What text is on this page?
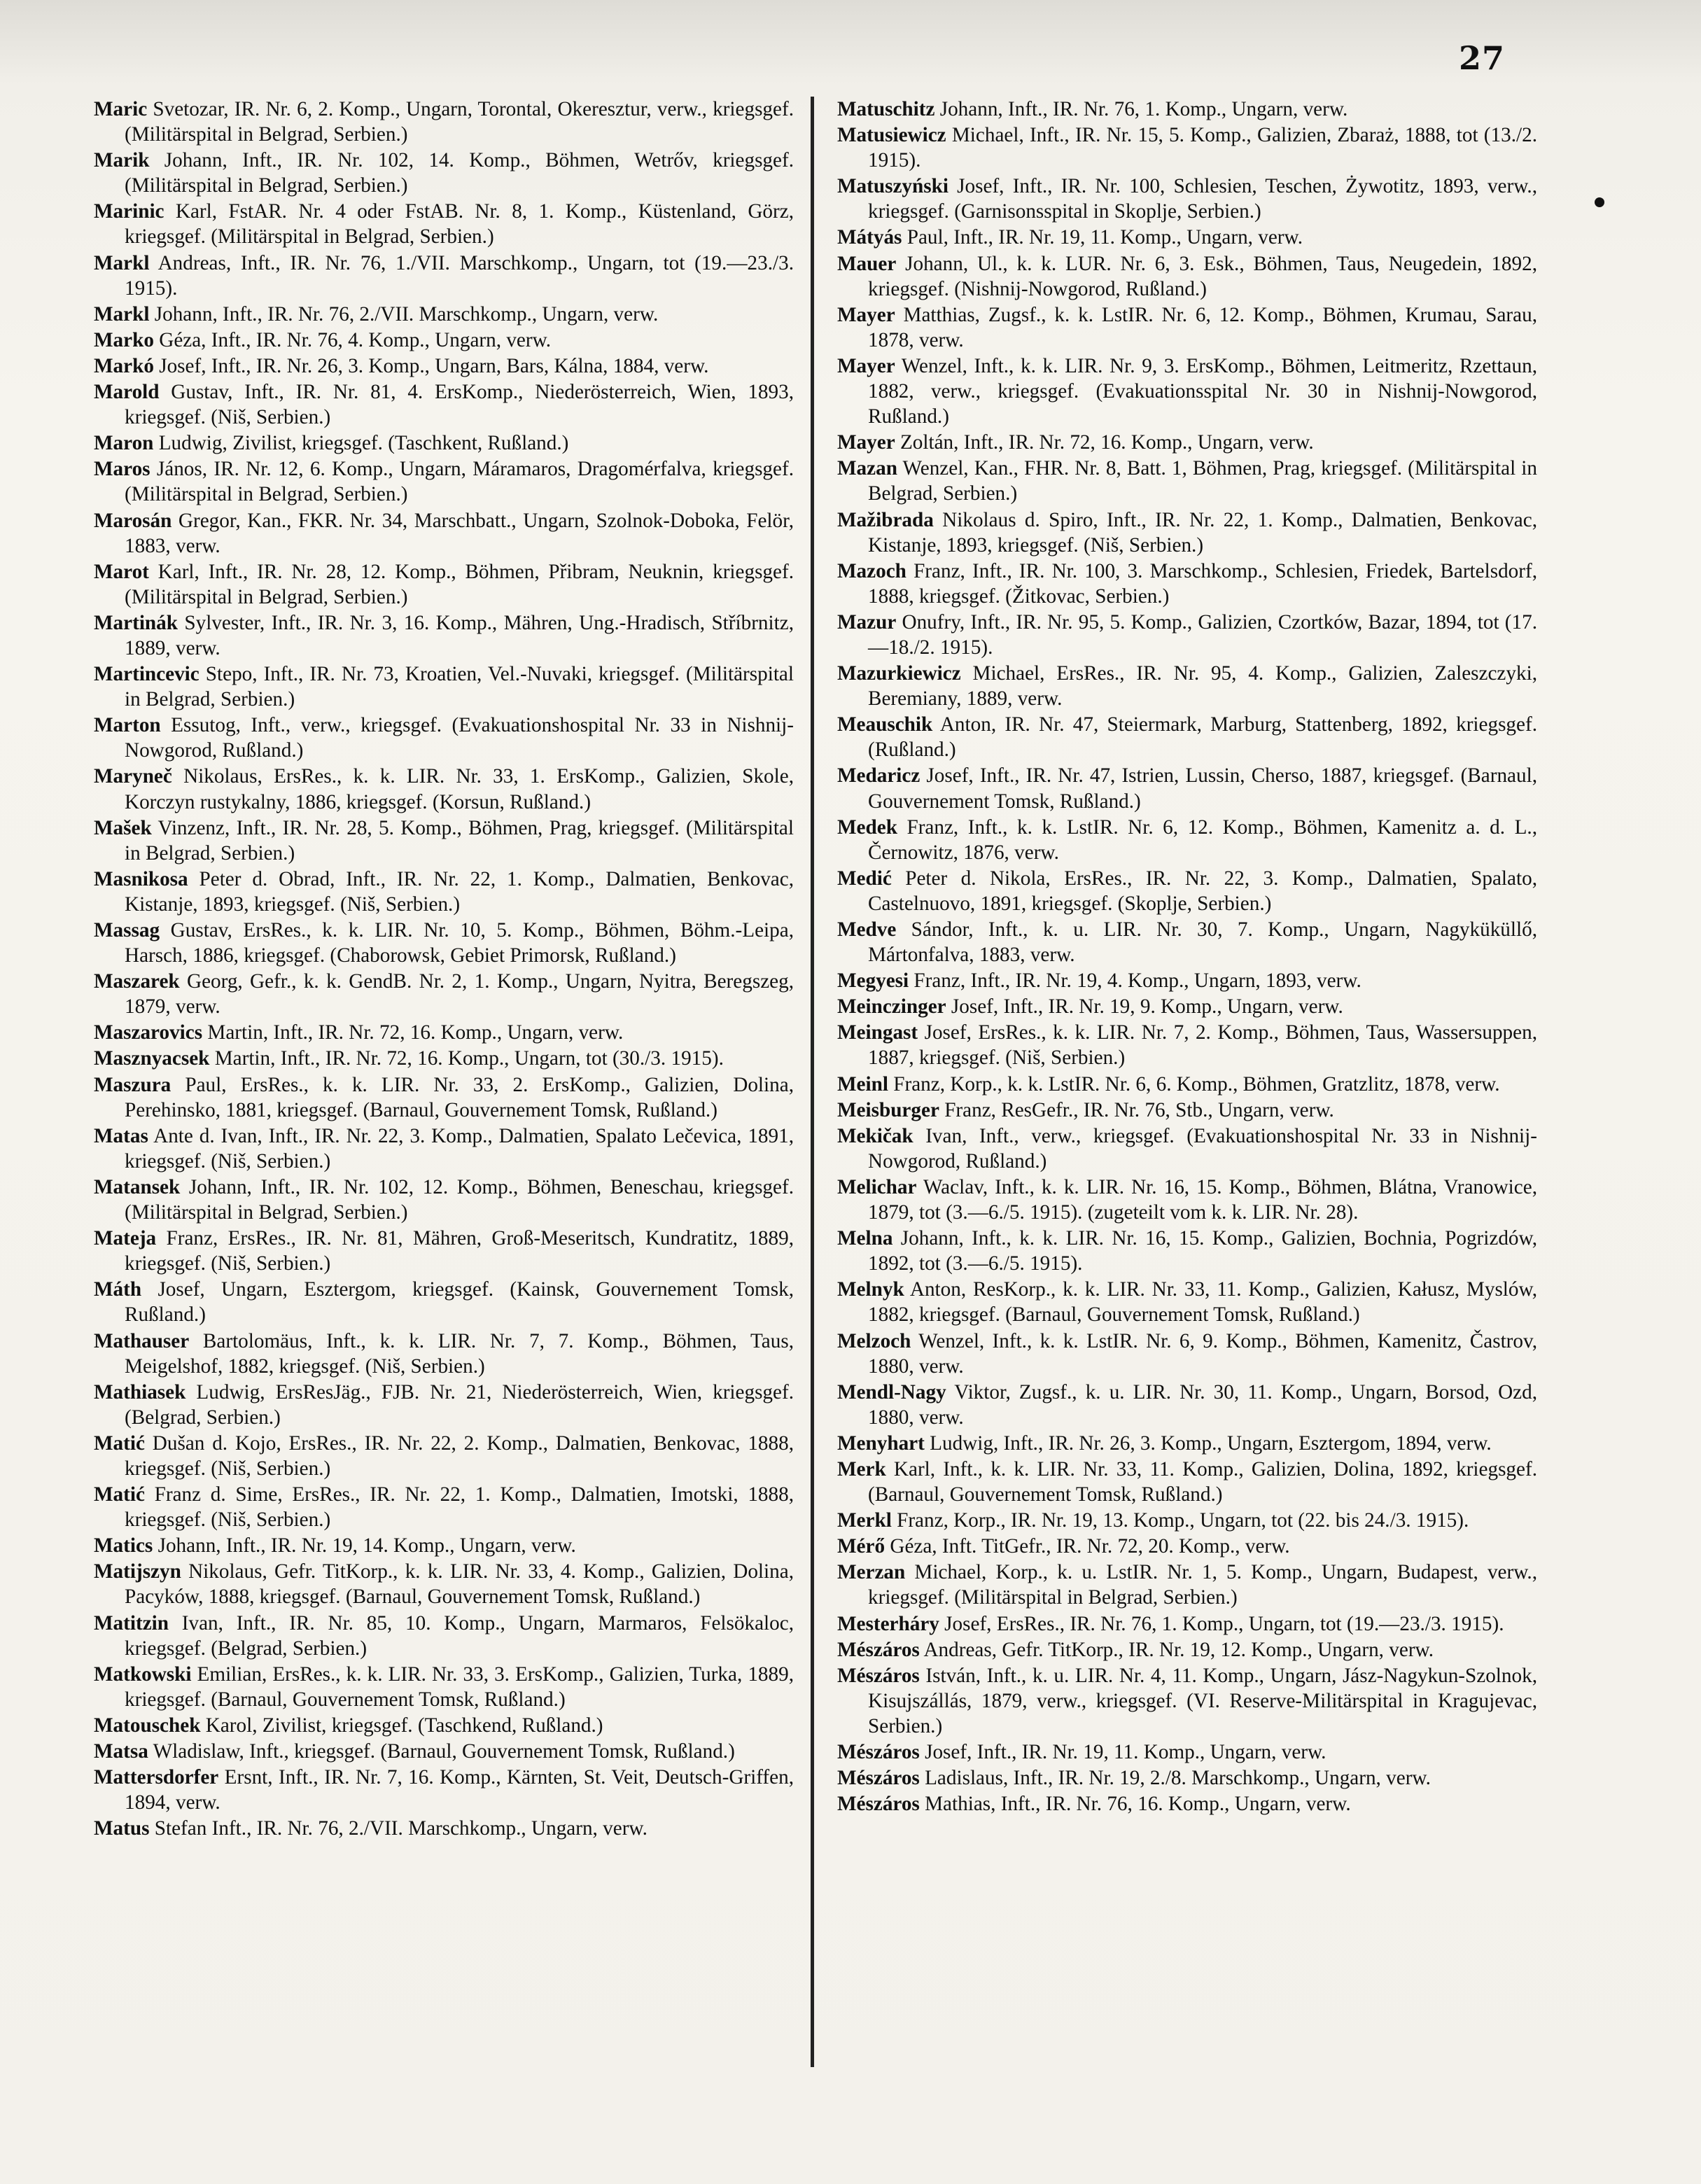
27
Maric Svetozar, IR. Nr. 6, 2. Komp., Ungarn, Torontal, Okeresztur, verw., kriegsgef. (Militärspital in Belgrad, Serbien.)
Marik Johann, Inft., IR. Nr. 102, 14. Komp., Böhmen, Wetrőv, kriegsgef. (Militärspital in Belgrad, Serbien.)
Marinic Karl, FstAR. Nr. 4 oder FstAB. Nr. 8, 1. Komp., Küstenland, Görz, kriegsgef. (Militärspital in Belgrad, Serbien.)
Markl Andreas, Inft., IR. Nr. 76, 1./VII. Marschkomp., Ungarn, tot (19.—23./3. 1915).
Markl Johann, Inft., IR. Nr. 76, 2./VII. Marschkomp., Ungarn, verw.
Marko Géza, Inft., IR. Nr. 76, 4. Komp., Ungarn, verw.
Markó Josef, Inft., IR. Nr. 26, 3. Komp., Ungarn, Bars, Kálna, 1884, verw.
Marold Gustav, Inft., IR. Nr. 81, 4. ErsKomp., Niederösterreich, Wien, 1893, kriegsgef. (Niš, Serbien.)
Maron Ludwig, Zivilist, kriegsgef. (Taschkent, Rußland.)
Maros János, IR. Nr. 12, 6. Komp., Ungarn, Máramaros, Dragomérfalva, kriegsgef. (Militärspital in Belgrad, Serbien.)
Marosán Gregor, Kan., FKR. Nr. 34, Marschbatt., Ungarn, Szolnok-Doboka, Felör, 1883, verw.
Marot Karl, Inft., IR. Nr. 28, 12. Komp., Böhmen, Přibram, Neuknin, kriegsgef. (Militärspital in Belgrad, Serbien.)
Martinák Sylvester, Inft., IR. Nr. 3, 16. Komp., Mähren, Ung.-Hradisch, Stříbrnitz, 1889, verw.
Martincevic Stepo, Inft., IR. Nr. 73, Kroatien, Vel.-Nuvaki, kriegsgef. (Militärspital in Belgrad, Serbien.)
Marton Essutog, Inft., verw., kriegsgef. (Evakuationshospital Nr. 33 in Nishnij-Nowgorod, Rußland.)
Maryneč Nikolaus, ErsRes., k. k. LIR. Nr. 33, 1. ErsKomp., Galizien, Skole, Korczyn rustykalny, 1886, kriegsgef. (Korsun, Rußland.)
Mašek Vinzenz, Inft., IR. Nr. 28, 5. Komp., Böhmen, Prag, kriegsgef. (Militärspital in Belgrad, Serbien.)
Masnikosa Peter d. Obrad, Inft., IR. Nr. 22, 1. Komp., Dalmatien, Benkovac, Kistanje, 1893, kriegsgef. (Niš, Serbien.)
Massag Gustav, ErsRes., k. k. LIR. Nr. 10, 5. Komp., Böhmen, Böhm.-Leipa, Harsch, 1886, kriegsgef. (Chaborowsk, Gebiet Primorsk, Rußland.)
Maszarek Georg, Gefr., k. k. GendB. Nr. 2, 1. Komp., Ungarn, Nyitra, Beregszeg, 1879, verw.
Maszarovics Martin, Inft., IR. Nr. 72, 16. Komp., Ungarn, verw.
Masznyacsek Martin, Inft., IR. Nr. 72, 16. Komp., Ungarn, tot (30./3. 1915).
Maszura Paul, ErsRes., k. k. LIR. Nr. 33, 2. ErsKomp., Galizien, Dolina, Perehinsko, 1881, kriegsgef. (Barnaul, Gouvernement Tomsk, Rußland.)
Matas Ante d. Ivan, Inft., IR. Nr. 22, 3. Komp., Dalmatien, Spalato Lečevica, 1891, kriegsgef. (Niš, Serbien.)
Matansek Johann, Inft., IR. Nr. 102, 12. Komp., Böhmen, Beneschau, kriegsgef. (Militärspital in Belgrad, Serbien.)
Mateja Franz, ErsRes., IR. Nr. 81, Mähren, Groß-Meseritsch, Kundratitz, 1889, kriegsgef. (Niš, Serbien.)
Máth Josef, Ungarn, Esztergom, kriegsgef. (Kainsk, Gouvernement Tomsk, Rußland.)
Mathauser Bartolomäus, Inft., k. k. LIR. Nr. 7, 7. Komp., Böhmen, Taus, Meigelshof, 1882, kriegsgef. (Niš, Serbien.)
Mathiasek Ludwig, ErsResJäg., FJB. Nr. 21, Niederösterreich, Wien, kriegsgef. (Belgrad, Serbien.)
Matić Dušan d. Kojo, ErsRes., IR. Nr. 22, 2. Komp., Dalmatien, Benkovac, 1888, kriegsgef. (Niš, Serbien.)
Matić Franz d. Sime, ErsRes., IR. Nr. 22, 1. Komp., Dalmatien, Imotski, 1888, kriegsgef. (Niš, Serbien.)
Matics Johann, Inft., IR. Nr. 19, 14. Komp., Ungarn, verw.
Matijszyn Nikolaus, Gefr. TitKorp., k. k. LIR. Nr. 33, 4. Komp., Galizien, Dolina, Pacyków, 1888, kriegsgef. (Barnaul, Gouvernement Tomsk, Rußland.)
Matitzin Ivan, Inft., IR. Nr. 85, 10. Komp., Ungarn, Marmaros, Felsökaloc, kriegsgef. (Belgrad, Serbien.)
Matkowski Emilian, ErsRes., k. k. LIR. Nr. 33, 3. ErsKomp., Galizien, Turka, 1889, kriegsgef. (Barnaul, Gouvernement Tomsk, Rußland.)
Matouschek Karol, Zivilist, kriegsgef. (Taschkend, Rußland.)
Matsa Wladislaw, Inft., kriegsgef. (Barnaul, Gouvernement Tomsk, Rußland.)
Mattersdorfer Ersnt, Inft., IR. Nr. 7, 16. Komp., Kärnten, St. Veit, Deutsch-Griffen, 1894, verw.
Matus Stefan Inft., IR. Nr. 76, 2./VII. Marschkomp., Ungarn, verw.
Matuschitz Johann, Inft., IR. Nr. 76, 1. Komp., Ungarn, verw.
Matusiewicz Michael, Inft., IR. Nr. 15, 5. Komp., Galizien, Zbaraż, 1888, tot (13./2. 1915).
Matuszyński Josef, Inft., IR. Nr. 100, Schlesien, Teschen, Żywotitz, 1893, verw., kriegsgef. (Garnisonsspital in Skoplje, Serbien.)
Mátyás Paul, Inft., IR. Nr. 19, 11. Komp., Ungarn, verw.
Mauer Johann, Ul., k. k. LUR. Nr. 6, 3. Esk., Böhmen, Taus, Neugedein, 1892, kriegsgef. (Nishnij-Nowgorod, Rußland.)
Mayer Matthias, Zugsf., k. k. LstIR. Nr. 6, 12. Komp., Böhmen, Krumau, Sarau, 1878, verw.
Mayer Wenzel, Inft., k. k. LIR. Nr. 9, 3. ErsKomp., Böhmen, Leitmeritz, Rzettaun, 1882, verw., kriegsgef. (Evakuationsspital Nr. 30 in Nishnij-Nowgorod, Rußland.)
Mayer Zoltán, Inft., IR. Nr. 72, 16. Komp., Ungarn, verw.
Mazan Wenzel, Kan., FHR. Nr. 8, Batt. 1, Böhmen, Prag, kriegsgef. (Militärspital in Belgrad, Serbien.)
Mažibrada Nikolaus d. Spiro, Inft., IR. Nr. 22, 1. Komp., Dalmatien, Benkovac, Kistanje, 1893, kriegsgef. (Niš, Serbien.)
Mazoch Franz, Inft., IR. Nr. 100, 3. Marschkomp., Schlesien, Friedek, Bartelsdorf, 1888, kriegsgef. (Žitkovac, Serbien.)
Mazur Onufry, Inft., IR. Nr. 95, 5. Komp., Galizien, Czortków, Bazar, 1894, tot (17.—18./2. 1915).
Mazurkiewicz Michael, ErsRes., IR. Nr. 95, 4. Komp., Galizien, Zaleszczyki, Beremiany, 1889, verw.
Meauschik Anton, IR. Nr. 47, Steiermark, Marburg, Stattenberg, 1892, kriegsgef. (Rußland.)
Medaricz Josef, Inft., IR. Nr. 47, Istrien, Lussin, Cherso, 1887, kriegsgef. (Barnaul, Gouvernement Tomsk, Rußland.)
Medek Franz, Inft., k. k. LstIR. Nr. 6, 12. Komp., Böhmen, Kamenitz a. d. L., Černowitz, 1876, verw.
Medić Peter d. Nikola, ErsRes., IR. Nr. 22, 3. Komp., Dalmatien, Spalato, Castelnuovo, 1891, kriegsgef. (Skoplje, Serbien.)
Medve Sándor, Inft., k. u. LIR. Nr. 30, 7. Komp., Ungarn, Nagyküküllő, Mártonfalva, 1883, verw.
Megyesi Franz, Inft., IR. Nr. 19, 4. Komp., Ungarn, 1893, verw.
Meinczinger Josef, Inft., IR. Nr. 19, 9. Komp., Ungarn, verw.
Meingast Josef, ErsRes., k. k. LIR. Nr. 7, 2. Komp., Böhmen, Taus, Wassersuppen, 1887, kriegsgef. (Niš, Serbien.)
Meinl Franz, Korp., k. k. LstIR. Nr. 6, 6. Komp., Böhmen, Gratzlitz, 1878, verw.
Meisburger Franz, ResGefr., IR. Nr. 76, Stb., Ungarn, verw.
Mekičak Ivan, Inft., verw., kriegsgef. (Evakuationshospital Nr. 33 in Nishnij-Nowgorod, Rußland.)
Melichar Waclav, Inft., k. k. LIR. Nr. 16, 15. Komp., Böhmen, Blátna, Vranowice, 1879, tot (3.—6./5. 1915). (zugeteilt vom k. k. LIR. Nr. 28).
Melna Johann, Inft., k. k. LIR. Nr. 16, 15. Komp., Galizien, Bochnia, Pogrizdów, 1892, tot (3.—6./5. 1915).
Melnyk Anton, ResKorp., k. k. LIR. Nr. 33, 11. Komp., Galizien, Kałusz, Myslów, 1882, kriegsgef. (Barnaul, Gouvernement Tomsk, Rußland.)
Melzoch Wenzel, Inft., k. k. LstIR. Nr. 6, 9. Komp., Böhmen, Kamenitz, Častrov, 1880, verw.
Mendl-Nagy Viktor, Zugsf., k. u. LIR. Nr. 30, 11. Komp., Ungarn, Borsod, Ozd, 1880, verw.
Menyhart Ludwig, Inft., IR. Nr. 26, 3. Komp., Ungarn, Esztergom, 1894, verw.
Merk Karl, Inft., k. k. LIR. Nr. 33, 11. Komp., Galizien, Dolina, 1892, kriegsgef. (Barnaul, Gouvernement Tomsk, Rußland.)
Merkl Franz, Korp., IR. Nr. 19, 13. Komp., Ungarn, tot (22. bis 24./3. 1915).
Mérő Géza, Inft. TitGefr., IR. Nr. 72, 20. Komp., verw.
Merzan Michael, Korp., k. u. LstIR. Nr. 1, 5. Komp., Ungarn, Budapest, verw., kriegsgef. (Militärspital in Belgrad, Serbien.)
Mesterháry Josef, ErsRes., IR. Nr. 76, 1. Komp., Ungarn, tot (19.—23./3. 1915).
Mészáros Andreas, Gefr. TitKorp., IR. Nr. 19, 12. Komp., Ungarn, verw.
Mészáros István, Inft., k. u. LIR. Nr. 4, 11. Komp., Ungarn, Jász-Nagykun-Szolnok, Kisujszállás, 1879, verw., kriegsgef. (VI. Reserve-Militärspital in Kragujevac, Serbien.)
Mészáros Josef, Inft., IR. Nr. 19, 11. Komp., Ungarn, verw.
Mészáros Ladislaus, Inft., IR. Nr. 19, 2./8. Marschkomp., Ungarn, verw.
Mészáros Mathias, Inft., IR. Nr. 76, 16. Komp., Ungarn, verw.
